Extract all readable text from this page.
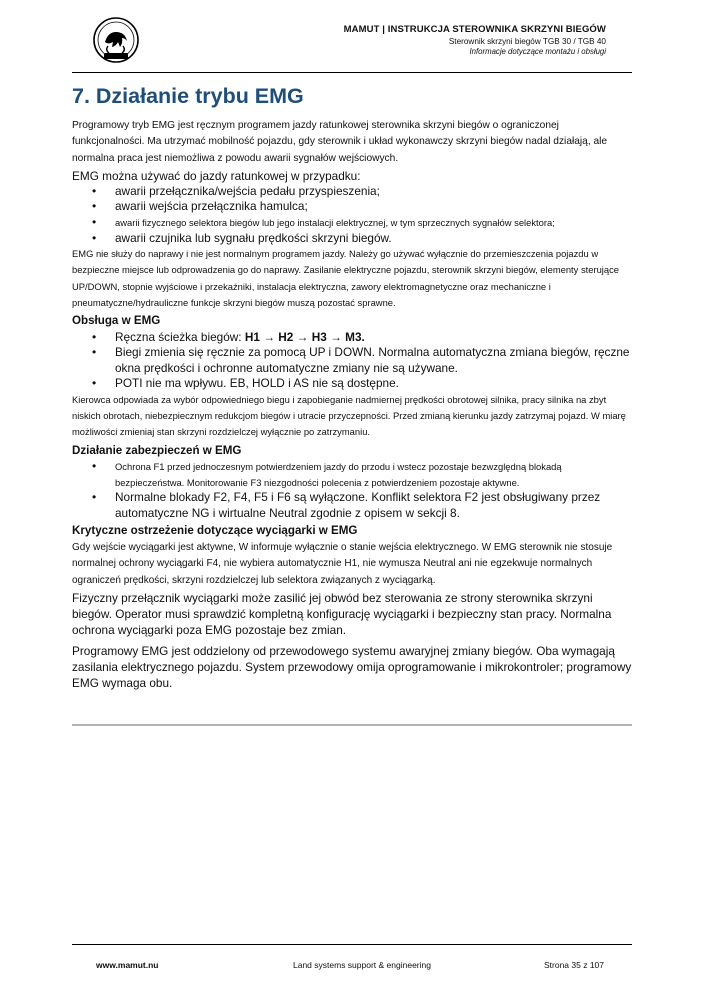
MAMUT | INSTRUKCJA STEROWNIKA SKRZYNI BIEGÓW
Sterownik skrzyni biegów TGB 30 / TGB 40
Informacje dotyczące montażu i obsługi
7. Działanie trybu EMG

Programowy tryb EMG jest ręcznym programem jazdy ratunkowej sterownika skrzyni biegów o ograniczonej funkcjonalności. Ma utrzymać mobilność pojazdu, gdy sterownik i układ wykonawczy skrzyni biegów nadal działają, ale normalna praca jest niemożliwa z powodu awarii sygnałów wejściowych.

EMG można używać do jazdy ratunkowej w przypadku:

• awarii przełącznika/wejścia pedału przyspieszenia;
• awarii wejścia przełącznika hamulca;
• awarii fizycznego selektora biegów lub jego instalacji elektrycznej, w tym sprzecznych sygnałów selektora;
• awarii czujnika lub sygnału prędkości skrzyni biegów.

EMG nie służy do naprawy i nie jest normalnym programem jazdy. Należy go używać wyłącznie do przemieszczenia pojazdu w bezpieczne miejsce lub odprowadzenia go do naprawy. Zasilanie elektryczne pojazdu, sterownik skrzyni biegów, elementy sterujące UP/DOWN, stopnie wyjściowe i przekaźniki, instalacja elektryczna, zawory elektromagnetyczne oraz mechaniczne i pneumatyczne/hydrauliczne funkcje skrzyni biegów muszą pozostać sprawne.

Obsługa w EMG
• Ręczna ścieżka biegów: H1 → H2 → H3 → M3.
• Biegi zmienia się ręcznie za pomocą UP i DOWN. Normalna automatyczna zmiana biegów, ręczne okna prędkości i ochronne automatyczne zmiany nie są używane.
• POTI nie ma wpływu. EB, HOLD i AS nie są dostępne.

Kierowca odpowiada za wybór odpowiedniego biegu i zapobieganie nadmiernej prędkości obrotowej silnika, pracy silnika na zbyt niskich obrotach, niebezpiecznym redukcjom biegów i utracie przyczepności. Przed zmianą kierunku jazdy zatrzymaj pojazd. W miarę możliwości zmieniaj stan skrzyni rozdzielczej wyłącznie po zatrzymaniu.

Działanie zabezpieczeń w EMG
• Ochrona F1 przed jednoczesnym potwierdzeniem jazdy do przodu i wstecz pozostaje bezwzględną blokadą bezpieczeństwa. Monitorowanie F3 niezgodności polecenia z potwierdzeniem pozostaje aktywne.
• Normalne blokady F2, F4, F5 i F6 są wyłączone. Konflikt selektora F2 jest obsługiwany przez automatyczne NG i wirtualne Neutral zgodnie z opisem w sekcji 8.
Krytyczne ostrzeżenie dotyczące wyciągarki w EMG

Gdy wejście wyciągarki jest aktywne, W informuje wyłącznie o stanie wejścia elektrycznego. W EMG sterownik nie stosuje normalnej ochrony wyciągarki F4, nie wybiera automatycznie H1, nie wymusza Neutral ani nie egzekwuje normalnych ograniczeń prędkości, skrzyni rozdzielczej lub selektora związanych z wyciągarką.

Fizyczny przełącznik wyciągarki może zasilić jej obwód bez sterowania ze strony sterownika skrzyni biegów. Operator musi sprawdzić kompletną konfigurację wyciągarki i bezpieczny stan pracy. Normalna ochrona wyciągarki poza EMG pozostaje bez zmian.

Programowy EMG jest oddzielony od przewodowego systemu awaryjnej zmiany biegów. Oba wymagają zasilania elektrycznego pojazdu. System przewodowy omija oprogramowanie i mikrokontroler; programowy EMG wymaga obu.

Land systems support & engineering
www.mamut.nu	Strona 35 z 107
